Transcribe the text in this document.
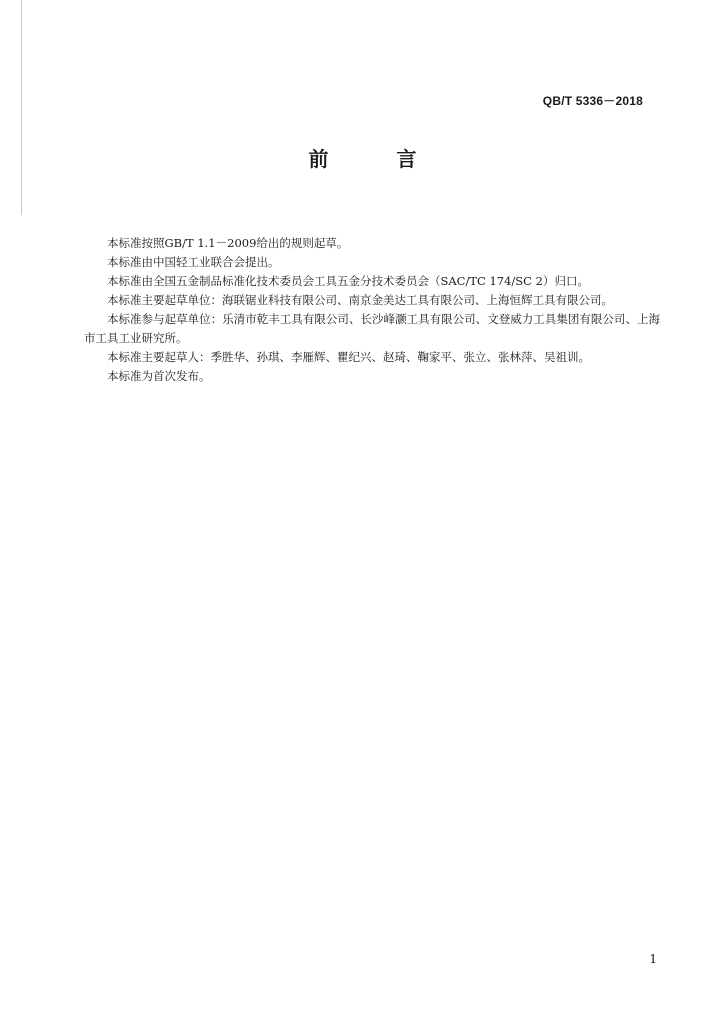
QB/T 5336－2018
前　言

本标准按照GB/T 1.1－2009给出的规则起草。

本标准由中国轻工业联合会提出。

本标准由全国五金制品标准化技术委员会工具五金分技术委员会（SAC/TC 174/SC 2）归口。

本标准主要起草单位：海联锯业科技有限公司、南京金美达工具有限公司、上海恒辉工具有限公司。

本标准参与起草单位：乐清市乾丰工具有限公司、长沙峰灏工具有限公司、文登威力工具集团有限公司、上海市工具工业研究所。

本标准主要起草人：季胜华、孙琪、李雁辉、瞿纪兴、赵琦、鞠家平、张立、张林萍、吴祖训。

本标准为首次发布。

1
